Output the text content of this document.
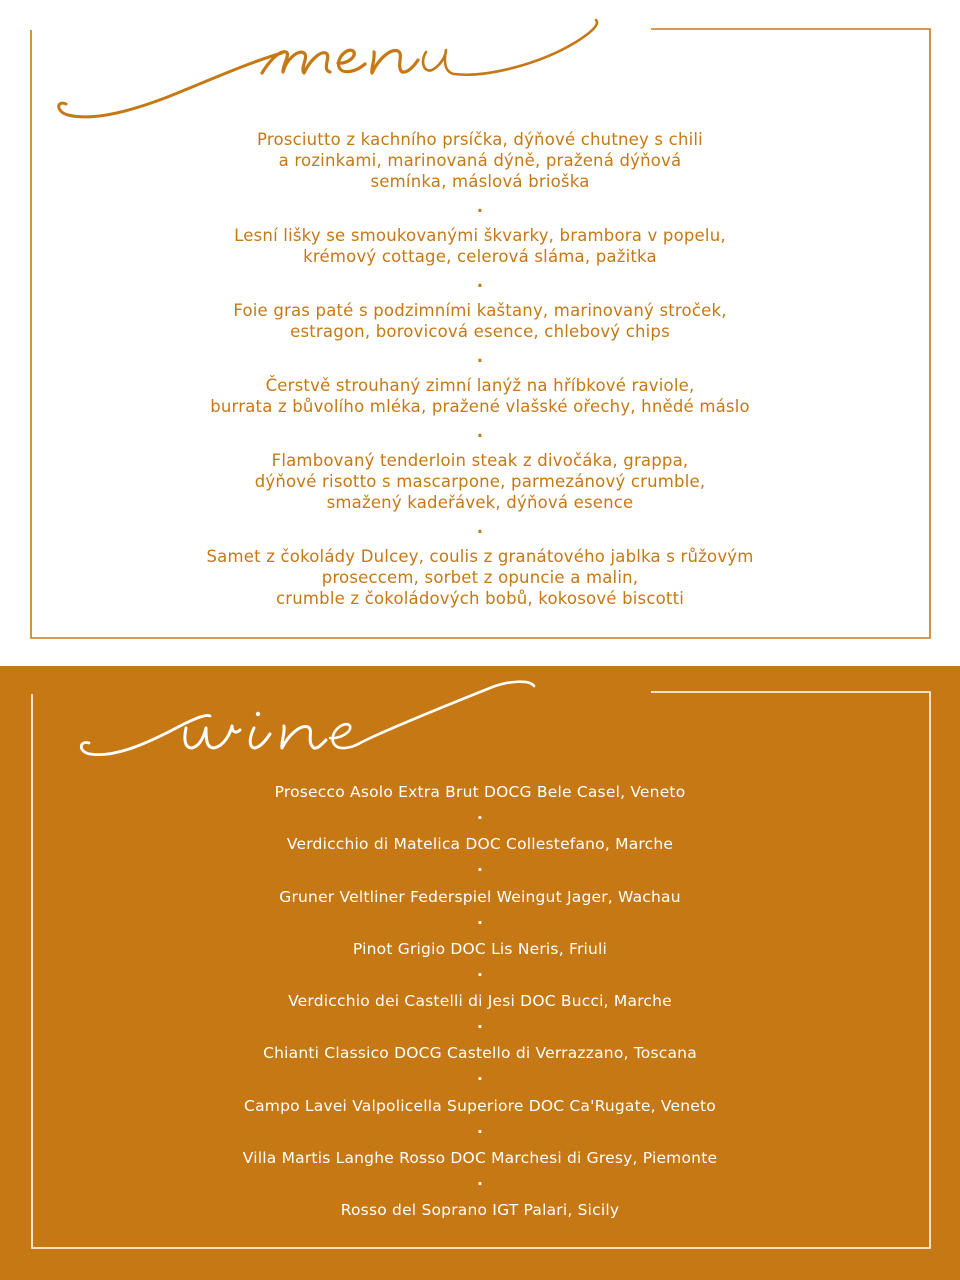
Prosciutto z kachního prsíčka, dýňové chutney s chili
a rozinkami, marinovaná dýně, pražená dýňová
semínka, máslová brioška
.
Lesní lišky se smoukovanými škvarky, brambora v popelu,
krémový cottage, celerová sláma, pažitka
.
Foie gras paté s podzimními kaštany, marinovaný stroček,
estragon, borovicová esence, chlebový chips
.
Čerstvě strouhaný zimní lanýž na hříbkové raviole,
burrata z bůvolího mléka, pražené vlašské ořechy, hnědé máslo
.
Flambovaný tenderloin steak z divočáka, grappa,
dýňové risotto s mascarpone, parmezánový crumble,
smažený kadeřávek, dýňová esence
.
Samet z čokolády Dulcey, coulis z granátového jablka s růžovým
proseccem, sorbet z opuncie a malin,
crumble z čokoládových bobů, kokosové biscotti
Prosecco Asolo Extra Brut DOCG Bele Casel, Veneto
.
Verdicchio di Matelica DOC Collestefano, Marche
.
Gruner Veltliner Federspiel Weingut Jager, Wachau
.
Pinot Grigio DOC Lis Neris, Friuli
.
Verdicchio dei Castelli di Jesi DOC Bucci, Marche
.
Chianti Classico DOCG Castello di Verrazzano, Toscana
.
Campo Lavei Valpolicella Superiore DOC Ca'Rugate, Veneto
.
Villa Martis Langhe Rosso DOC Marchesi di Gresy, Piemonte
.
Rosso del Soprano IGT Palari, Sicily
